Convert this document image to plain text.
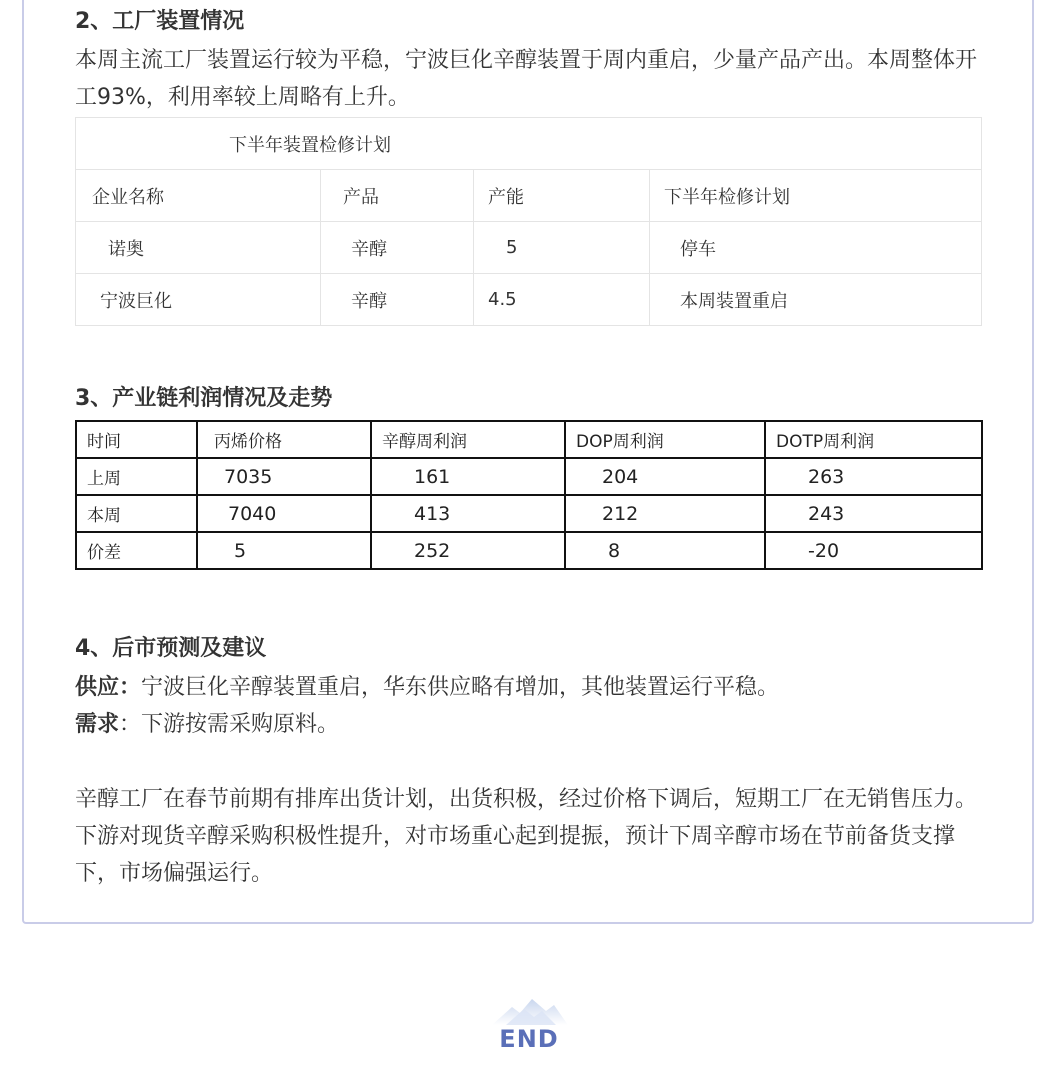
2、工厂装置情况

本周主流工厂装置运行较为平稳，宁波巨化辛醇装置于周内重启，少量产品产出。本周整体开工93%，利用率较上周略有上升。

下半年装置检修计划			
企业名称	产品	产能	下半年检修计划
诺奥	辛醇	5	停车
宁波巨化	辛醇	4.5	本周装置重启
3、产业链利润情况及走势
时间	丙烯价格	辛醇周利润	DOP周利润	DOTP周利润
上周	7035	161	204	263
本周	7040	413	212	243
价差	5	252	8	-20
4、后市预测及建议

供应：宁波巨化辛醇装置重启，华东供应略有增加，其他装置运行平稳。

需求：下游按需采购原料。

辛醇工厂在春节前期有排库出货计划，出货积极，经过价格下调后，短期工厂在无销售压力。下游对现货辛醇采购积极性提升，对市场重心起到提振，预计下周辛醇市场在节前备货支撑下，市场偏强运行。

END
